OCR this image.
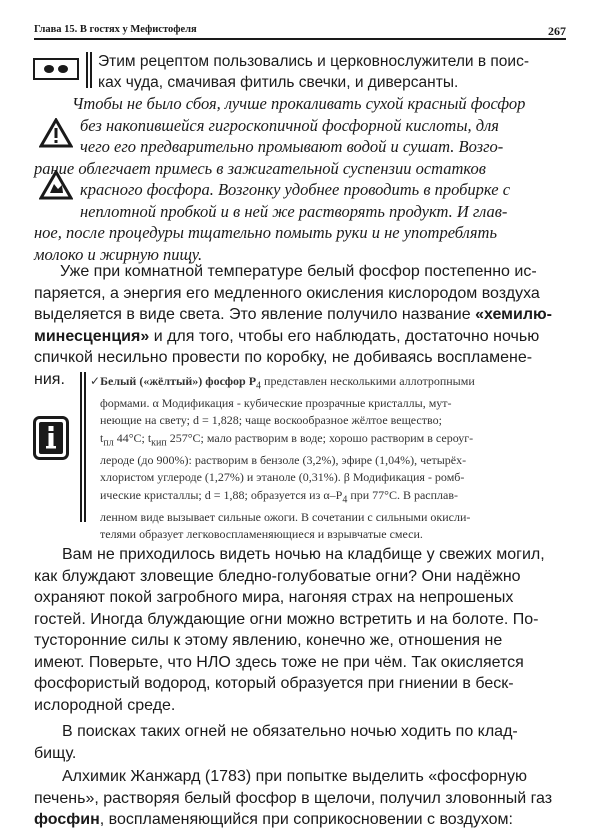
Глава 15. В гостях у Мефистофеля	267
Этим рецептом пользовались и церковнослужители в поис-
ках чуда, смачивая фитиль свечки, и диверсанты.
Чтобы не было сбоя, лучше прокаливать сухой красный фосфор
без накопившейся гигроскопичной фосфорной кислоты, для
чего его предварительно промывают водой и сушат. Возго-
рание облегчает примесь в зажигательной суспензии остатков
красного фосфора. Возгонку удобнее проводить в пробирке с
неплотной пробкой и в ней же растворять продукт. И глав-
ное, после процедуры тщательно помыть руки и не употреблять
молоко и жирную пищу.
Уже при комнатной температуре белый фосфор постепенно ис-
паряется, а энергия его медленного окисления кислородом воздуха
выделяется в виде света. Это явление получило название «хемилю-
минесценция» и для того, чтобы его наблюдать, достаточно ночью
спичкой несильно провести по коробку, не добиваясь воспламене-
ния.	✓Белый («жёлтый») фосфор $P_4$ представлен несколькими аллотропными
формами. α Модификация - кубические прозрачные кристаллы, мут-
неющие на свету; d = 1,828; чаще воскообразное жёлтое вещество;
$t_{пл}$ 44°С; $t_{кип}$ 257°С; мало растворим в воде; хорошо растворим в сероуг-
лероде (до 900%): растворим в бензоле (3,2%), эфире (1,04%), четырёх-
хлористом углероде (1,27%) и этаноле (0,31%). β Модификация - ромб-
ические кристаллы; d = 1,88; образуется из $\alpha-P_4$ при 77°С. В расплав-
ленном виде вызывает сильные ожоги. В сочетании с сильными окисли-
телями образует легковоспламеняющиеся и взрывчатые смеси.
Вам не приходилось видеть ночью на кладбище у свежих могил,
как блуждают зловещие бледно-голубоватые огни? Они надёжно
охраняют покой загробного мира, нагоняя страх на непрошеных
гостей. Иногда блуждающие огни можно встретить и на болоте. По-
тусторонние силы к этому явлению, конечно же, отношения не
имеют. Поверьте, что НЛО здесь тоже не при чём. Так окисляется
фосфористый водород, который образуется при гниении в беск-
ислородной среде.
В поисках таких огней не обязательно ночью ходить по клад-
бищу.
Алхимик Жанжард (1783) при попытке выделить «фосфорную
печень», растворяя белый фосфор в щелочи, получил зловонный газ
фосфин, воспламеняющийся при соприкосновении с воздухом:
